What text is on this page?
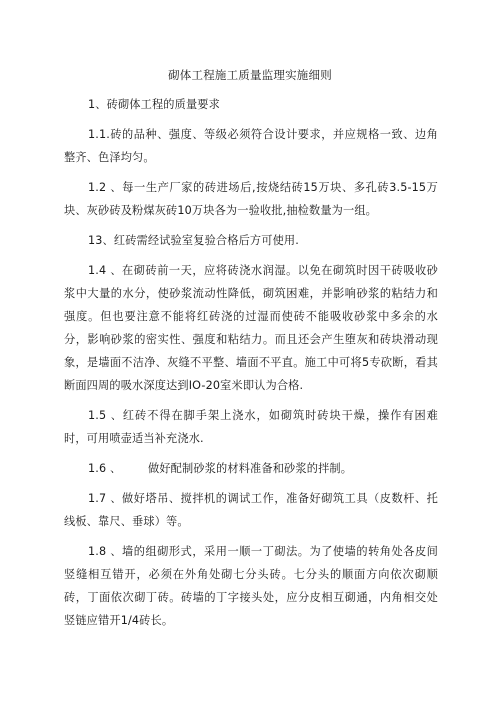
砌体工程施工质量监理实施细则

1、砖砌体工程的质量要求

1.1.砖的品种、强度、等级必须符合设计要求，并应规格一致、边角整齐、色泽均匀。

1.2 、每一生产厂家的砖进场后,按烧结砖15万块、多孔砖3.5-15万块、灰砂砖及粉煤灰砖10万块各为一验收批,抽检数量为一组。

13、红砖需经试验室复验合格后方可使用.

1.4 、在砌砖前一天，应将砖浇水润湿。以免在砌筑时因干砖吸收砂浆中大量的水分，使砂浆流动性降低，砌筑困难，并影响砂浆的粘结力和强度。但也要注意不能将红砖浇的过湿而使砖不能吸收砂浆中多余的水分，影响砂浆的密实性、强度和粘结力。而且还会产生堕灰和砖块滑动现象，是墙面不洁净、灰缝不平整、墙面不平直。施工中可将5专砍断，看其断面四周的吸水深度达到IO-20室米即认为合格.

1.5 、红砖不得在脚手架上浇水，如砌筑时砖块干燥，操作有困难时，可用喷壶适当补充浇水.

1.6 、 做好配制砂浆的材料准备和砂浆的拌制。

1.7 、做好塔吊、搅拌机的调试工作，准备好砌筑工具（皮数杆、托线板、靠尺、垂球）等。

1.8 、墙的组砌形式，采用一顺一丁砌法。为了使墙的转角处各皮间竖缝相互错开，必须在外角处砌七分头砖。七分头的顺面方向依次砌顺砖，丁面依次砌丁砖。砖墙的丁字接头处，应分皮相互砌通，内角相交处竖链应错开1/4砖长。
